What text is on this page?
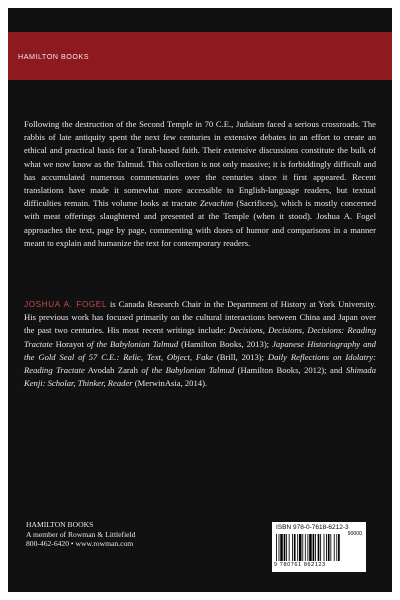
HAMILTON BOOKS
Following the destruction of the Second Temple in 70 C.E., Judaism faced a serious crossroads. The rabbis of late antiquity spent the next few centuries in extensive debates in an effort to create an ethical and practical basis for a Torah-based faith. Their extensive discussions constitute the bulk of what we now know as the Talmud. This collection is not only massive; it is forbiddingly difficult and has accumulated numerous commentaries over the centuries since it first appeared. Recent translations have made it somewhat more accessible to English-language readers, but textual difficulties remain. This volume looks at tractate Zevachim (Sacrifices), which is mostly concerned with meat offerings slaughtered and presented at the Temple (when it stood). Joshua A. Fogel approaches the text, page by page, commenting with doses of humor and comparisons in a manner meant to explain and humanize the text for contemporary readers.
JOSHUA A. FOGEL is Canada Research Chair in the Department of History at York University. His previous work has focused primarily on the cultural interactions between China and Japan over the past two centuries. His most recent writings include: Decisions, Decisions, Decisions: Reading Tractate Horayot of the Babylonian Talmud (Hamilton Books, 2013); Japanese Historiography and the Gold Seal of 57 C.E.: Relic, Text, Object, Fake (Brill, 2013); Daily Reflections on Idolatry: Reading Tractate Avodah Zarah of the Babylonian Talmud (Hamilton Books, 2012); and Shimada Kenji: Scholar, Thinker, Reader (MerwinAsia, 2014).
HAMILTON BOOKS
A member of Rowman & Littlefield
800-462-6420 • www.rowman.com
ISBN 978-0-7618-6212-3
90000
9 780761 862123
